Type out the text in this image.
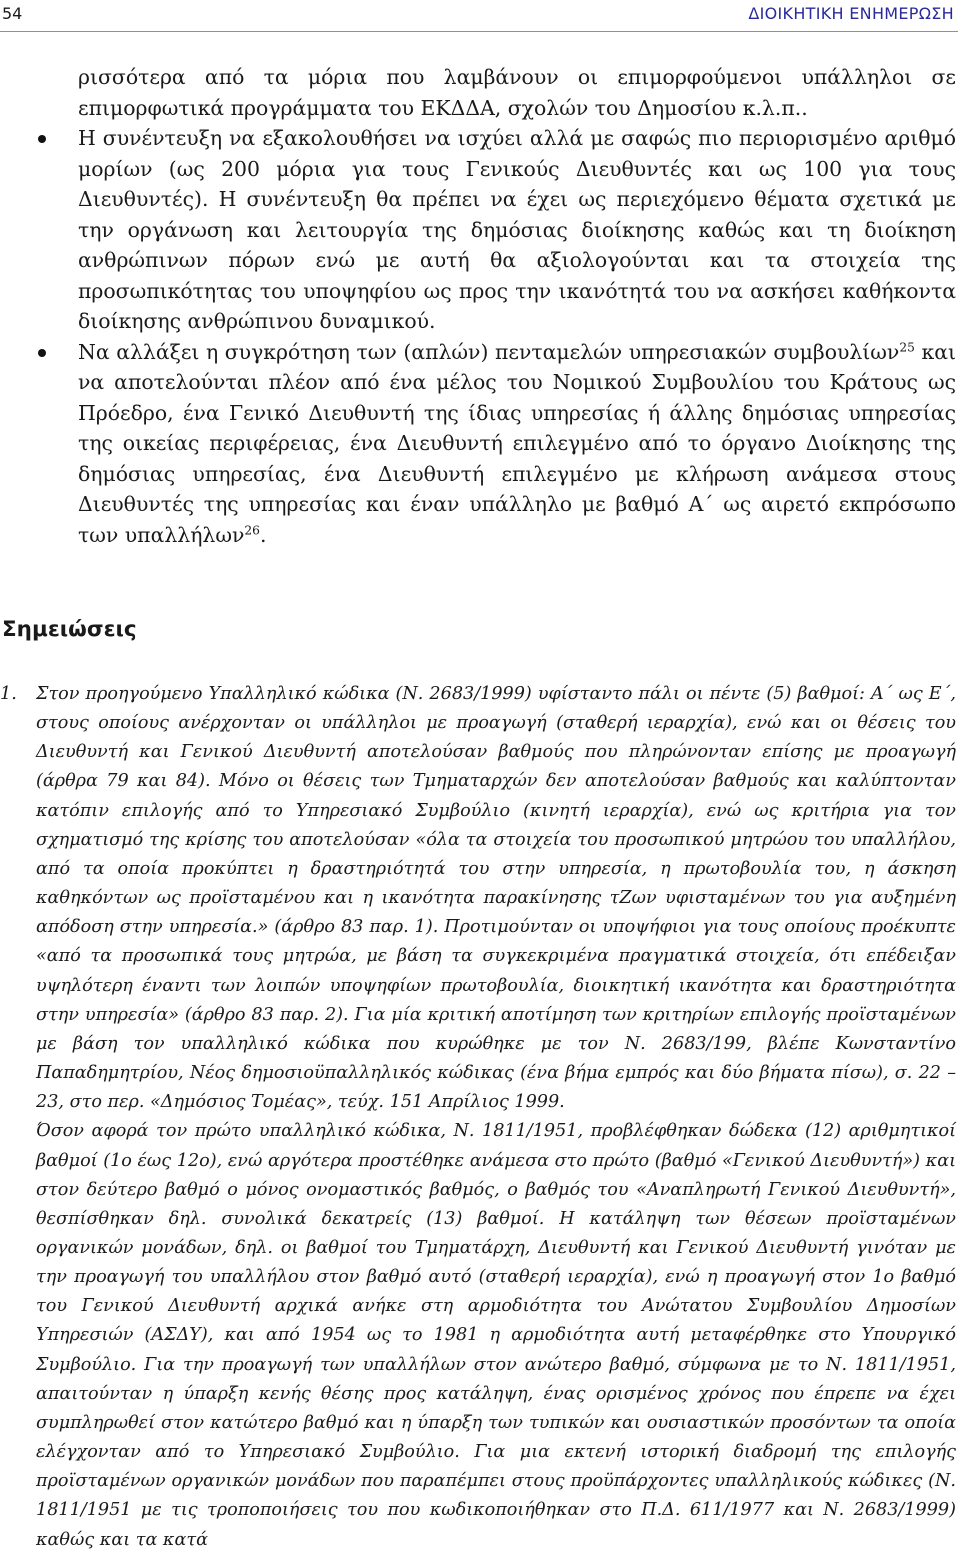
54	ΔΙΟΙΚΗΤΙΚΗ ΕΝΗΜΕΡΩΣΗ

ρισσότερα από τα μόρια που λαμβάνουν οι επιμορφούμενοι υπάλληλοι σε επιμορφωτικά προγράμματα του ΕΚΔΔΑ, σχολών του Δημοσίου κ.λ.π..

Η συνέντευξη να εξακολουθήσει να ισχύει αλλά με σαφώς πιο περιορισμένο αριθμό μορίων (ως 200 μόρια για τους Γενικούς Διευθυντές και ως 100 για τους Διευθυντές). Η συνέντευξη θα πρέπει να έχει ως περιεχόμενο θέματα σχετικά με την οργάνωση και λειτουργία της δημόσιας διοίκησης καθώς και τη διοίκηση ανθρώπινων πόρων ενώ με αυτή θα αξιολογούνται και τα στοιχεία της προσωπικότητας του υποψηφίου ως προς την ικανότητά του να ασκήσει καθήκοντα διοίκησης ανθρώπινου δυναμικού.

Να αλλάξει η συγκρότηση των (απλών) πενταμελών υπηρεσιακών συμβουλίων$^{25}$ και να αποτελούνται πλέον από ένα μέλος του Νομικού Συμβουλίου του Κράτους ως Πρόεδρο, ένα Γενικό Διευθυντή της ίδιας υπηρεσίας ή άλλης δημόσιας υπηρεσίας της οικείας περιφέρειας, ένα Διευθυντή επιλεγμένο από το όργανο Διοίκησης της δημόσιας υπηρεσίας, ένα Διευθυντή επιλεγμένο με κλήρωση ανάμεσα στους Διευθυντές της υπηρεσίας και έναν υπάλληλο με βαθμό Α΄ ως αιρετό εκπρόσωπο των υπαλλήλων$^{26}$.

Σημειώσεις
1. Στον προηγούμενο Υπαλληλικό κώδικα (Ν. 2683/1999) υφίσταντο πάλι οι πέντε (5) βαθμοί: Α΄ ως Ε΄, στους οποίους ανέρχονταν οι υπάλληλοι με προαγωγή (σταθερή ιεραρχία), ενώ και οι θέσεις του Διευθυντή και Γενικού Διευθυντή αποτελούσαν βαθμούς που πληρώνονταν επίσης με προαγωγή (άρθρα 79 και 84). Μόνο οι θέσεις των Τμηματαρχών δεν αποτελούσαν βαθμούς και καλύπτονταν κατόπιν επιλογής από το Υπηρεσιακό Συμβούλιο (κινητή ιεραρχία), ενώ ως κριτήρια για τον σχηματισμό της κρίσης του αποτελούσαν «όλα τα στοιχεία του προσωπικού μητρώου του υπαλλήλου, από τα οποία προκύπτει η δραστηριότητά του στην υπηρεσία, η πρωτοβουλία του, η άσκηση καθηκόντων ως προϊσταμένου και η ικανότητα παρακίνησης τΖων υφισταμένων του για αυξημένη απόδοση στην υπηρεσία.» (άρθρο 83 παρ. 1). Προτιμούνταν οι υποψήφιοι για τους οποίους προέκυπτε «από τα προσωπικά τους μητρώα, με βάση τα συγκεκριμένα πραγματικά στοιχεία, ότι επέδειξαν υψηλότερη έναντι των λοιπών υποψηφίων πρωτοβουλία, διοικητική ικανότητα και δραστηριότητα στην υπηρεσία» (άρθρο 83 παρ. 2). Για μία κριτική αποτίμηση των κριτηρίων επιλογής προϊσταμένων με βάση τον υπαλληλικό κώδικα που κυρώθηκε με τον Ν. 2683/199, βλέπε Κωνσταντίνο Παπαδημητρίου, Νέος δημοσιοϋπαλληλικός κώδικας (ένα βήμα εμπρός και δύο βήματα πίσω), σ. 22 – 23, στο περ. «Δημόσιος Τομέας», τεύχ. 151 Απρίλιος 1999.

Όσον αφορά τον πρώτο υπαλληλικό κώδικα, Ν. 1811/1951, προβλέφθηκαν δώδεκα (12) αριθμητικοί βαθμοί (1ο έως 12ο), ενώ αργότερα προστέθηκε ανάμεσα στο πρώτο (βαθμό «Γενικού Διευθυντή») και στον δεύτερο βαθμό ο μόνος ονομαστικός βαθμός, ο βαθμός του «Αναπληρωτή Γενικού Διευθυντή», θεσπίσθηκαν δηλ. συνολικά δεκατρείς (13) βαθμοί. Η κατάληψη των θέσεων προϊσταμένων οργανικών μονάδων, δηλ. οι βαθμοί του Τμηματάρχη, Διευθυντή και Γενικού Διευθυντή γινόταν με την προαγωγή του υπαλλήλου στον βαθμό αυτό (σταθερή ιεραρχία), ενώ η προαγωγή στον 1ο βαθμό του Γενικού Διευθυντή αρχικά ανήκε στη αρμοδιότητα του Ανώτατου Συμβουλίου Δημοσίων Υπηρεσιών (ΑΣΔΥ), και από 1954 ως το 1981 η αρμοδιότητα αυτή μεταφέρθηκε στο Υπουργικό Συμβούλιο. Για την προαγωγή των υπαλλήλων στον ανώτερο βαθμό, σύμφωνα με το Ν. 1811/1951, απαιτούνταν η ύπαρξη κενής θέσης προς κατάληψη, ένας ορισμένος χρόνος που έπρεπε να έχει συμπληρωθεί στον κατώτερο βαθμό και η ύπαρξη των τυπικών και ουσιαστικών προσόντων τα οποία ελέγχονταν από το Υπηρεσιακό Συμβούλιο. Για μια εκτενή ιστορική διαδρομή της επιλογής προϊσταμένων οργανικών μονάδων που παραπέμπει στους προϋπάρχοντες υπαλληλικούς κώδικες (Ν. 1811/1951 με τις τροποποιήσεις του που κωδικοποιήθηκαν στο Π.Δ. 611/1977 και Ν. 2683/1999) καθώς και τα κατά
